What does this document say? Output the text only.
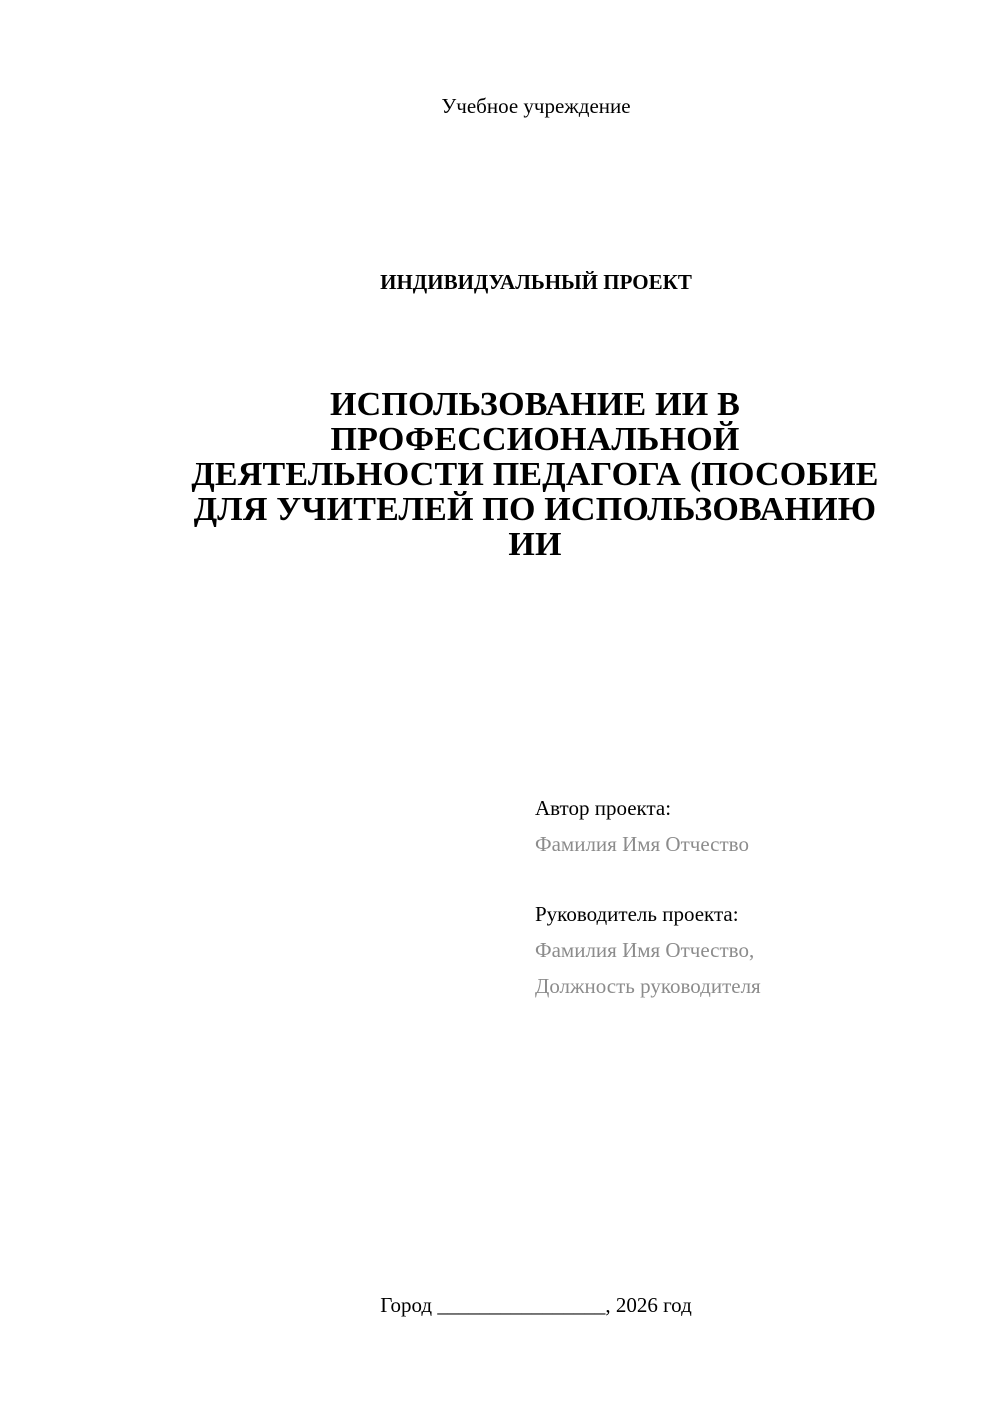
Учебное учреждение
ИНДИВИДУАЛЬНЫЙ ПРОЕКТ
ИСПОЛЬЗОВАНИЕ ИИ В
ПРОФЕССИОНАЛЬНОЙ
ДЕЯТЕЛЬНОСТИ ПЕДАГОГА (ПОСОБИЕ
ДЛЯ УЧИТЕЛЕЙ ПО ИСПОЛЬЗОВАНИЮ
ИИ
Автор проекта:
Фамилия Имя Отчество
Руководитель проекта:
Фамилия Имя Отчество,
Должность руководителя
Город ________________, 2026 год
